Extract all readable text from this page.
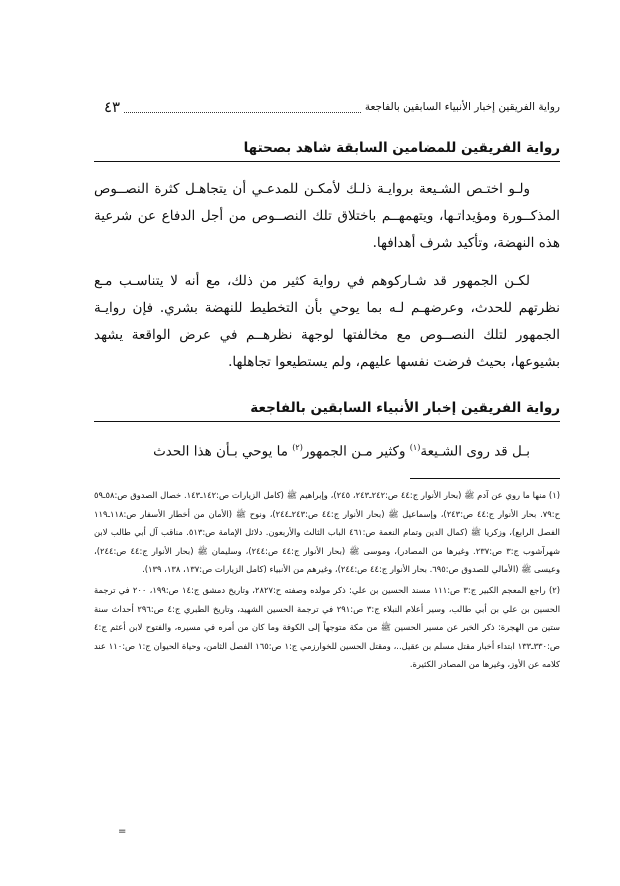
رواية الفريقين إخبار الأنبياء السابقين بالفاجعة
٤٣
رواية الفريقين للمضامين السابقة شاهد بصحتها

ولـو اختـص الشـيعة بروايـة ذلـك لأمكـن للمدعـي أن يتجاهـل كثرة النصــوص المذكــورة ومؤيداتـها، ويتهمهــم باختلاق تلك النصــوص من أجل الدفاع عن شرعية هذه النهضة، وتأكيد شرف أهدافها.

لكـن الجمهور قد شـاركوهم في رواية كثير من ذلك، مع أنه لا يتناسـب مـع نظرتهم للحدث، وعرضهـم لـه بما يوحي بأن التخطيط للنهضة بشري. فإن روايـة الجمهور لتلك النصــوص مع مخالفتها لوجهة نظرهــم في عرض الواقعة يشهد بشيوعها، بحيث فرضت نفسها عليهم، ولم يستطيعوا تجاهلها.

رواية الفريقين إخبار الأنبياء السابقين بالفاجعة

بـل قد روى الشـيعة$^{(١)}$ وكثير مـن الجمهور$^{(٢)}$ ما يوحي بـأن هذا الحدث

(١) منها ما روي عن آدم ﷺ (بحار الأنوار ج:٤٤ ص:٢٤٢ـ٢٤٣، ٢٤٥)، وإبراهيم ﷺ (كامل الزيارات ص:١٤٢ـ١٤٣. خصال الصدوق ص:٥٨ـ٥٩ ح:٧٩. بحار الأنوار ج:٤٤ ص:٢٤٣)، وإسماعيل ﷺ (بحار الأنوار ج:٤٤ ص:٢٤٣ـ٢٤٤)، ونوح ﷺ (الأمان من أخطار الأسفار ص:١١٨ـ١١٩ الفصل الرابع)، وزكريا ﷺ (كمال الدين وتمام النعمة ص:٤٦١ الباب الثالث والأربعون. دلائل الإمامة ص:٥١٣. مناقب آل أبي طالب لابن شهرآشوب ج:٣ ص:٢٣٧. وغيرها من المصادر)، وموسى ﷺ (بحار الأنوار ج:٤٤ ص:٢٤٤)، وسليمان ﷺ (بحار الأنوار ج:٤٤ ص:٢٤٤)، وعيسى ﷺ (الأمالي للصدوق ص:٦٩٥. بحار الأنوار ج:٤٤ ص:٢٤٤)، وغيرهم من الأنبياء (كامل الزيارات ص:١٣٧، ١٣٨، ١٣٩).

(٢) راجع المعجم الكبير ج:٣ ص:١١١ مسند الحسين بن علي: ذكر مولده وصفته ح:٢٨٢٧، وتاريخ دمشق ج:١٤ ص:١٩٩، ٢٠٠ في ترجمة الحسين بن علي بن أبي طالب، وسير أعلام النبلاء ج:٣ ص:٢٩١ في ترجمة الحسين الشهيد، وتاريخ الطبري ج:٤ ص:٢٩٦ أحداث سنة ستين من الهجرة: ذكر الخبر عن مسير الحسين ﷺ من مكة متوجهاً إلى الكوفة وما كان من أمره في مسيره، والفتوح لابن أعثم ج:٤ ص:٣٣٠ـ١٣٣ ابتداء أخبار مقتل مسلم بن عقيل..، ومقتل الحسين للخوارزمي ج:١ ص:١٦٥ الفصل الثامن، وحياة الحيوان ج:١ ص:١١٠ عند كلامه عن الأوز، وغيرها من المصادر الكثيرة.

=
